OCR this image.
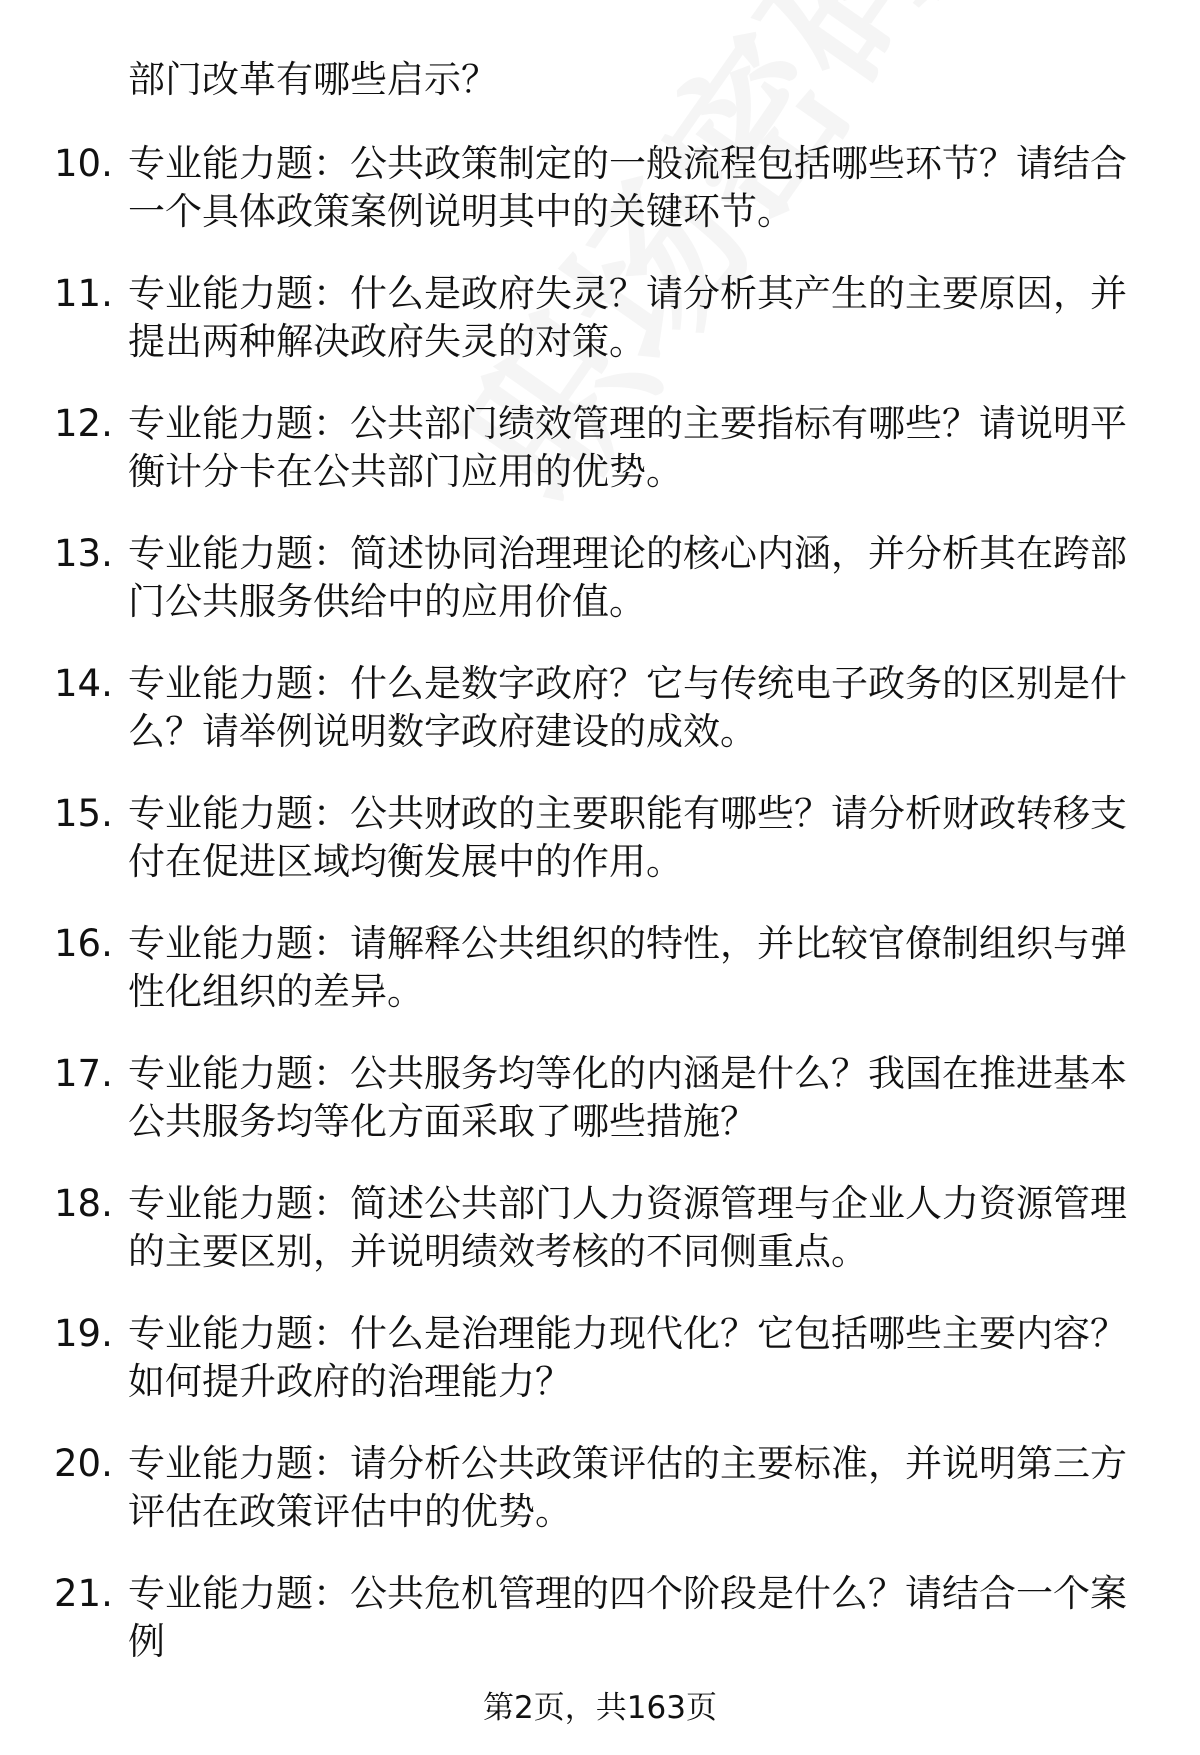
部门改革有哪些启示？
10. 专业能力题：公共政策制定的一般流程包括哪些环节？请结合一个具体政策案例说明其中的关键环节。
11. 专业能力题：什么是政府失灵？请分析其产生的主要原因，并提出两种解决政府失灵的对策。
12. 专业能力题：公共部门绩效管理的主要指标有哪些？请说明平衡计分卡在公共部门应用的优势。
13. 专业能力题：简述协同治理理论的核心内涵，并分析其在跨部门公共服务供给中的应用价值。
14. 专业能力题：什么是数字政府？它与传统电子政务的区别是什么？请举例说明数字政府建设的成效。
15. 专业能力题：公共财政的主要职能有哪些？请分析财政转移支付在促进区域均衡发展中的作用。
16. 专业能力题：请解释公共组织的特性，并比较官僚制组织与弹性化组织的差异。
17. 专业能力题：公共服务均等化的内涵是什么？我国在推进基本公共服务均等化方面采取了哪些措施？
18. 专业能力题：简述公共部门人力资源管理与企业人力资源管理的主要区别，并说明绩效考核的不同侧重点。
19. 专业能力题：什么是治理能力现代化？它包括哪些主要内容？如何提升政府的治理能力？
20. 专业能力题：请分析公共政策评估的主要标准，并说明第三方评估在政策评估中的优势。
21. 专业能力题：公共危机管理的四个阶段是什么？请结合一个案例
第2页，共163页
